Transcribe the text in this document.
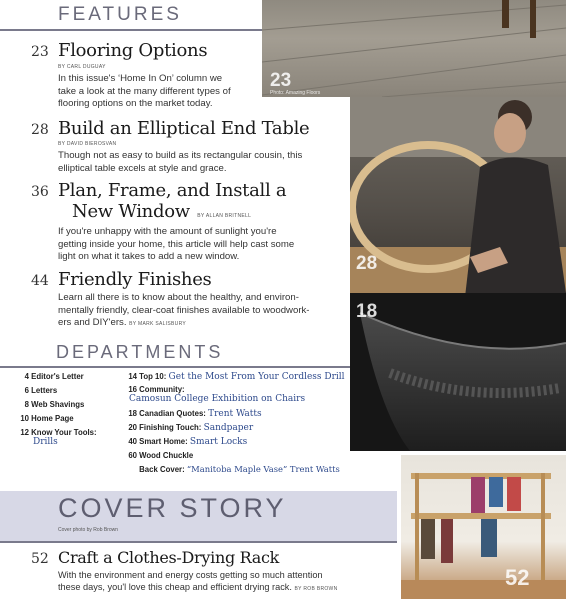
FEATURES
23 Flooring Options
BY CARL DUGUAY
In this issue's ‘Home In On’ column we
take a look at the many different types of
flooring options on the market today.
28 Build an Elliptical End Table
BY DAVID BIEROSVAN
Though not as easy to build as its rectangular cousin, this
elliptical table excels at style and grace.
36 Plan, Frame, and Install a
New Window BY ALLAN BRITNELL
If you're unhappy with the amount of sunlight you're
getting inside your home, this article will help cast some
light on what it takes to add a new window.
44 Friendly Finishes
Learn all there is to know about the healthy, and environ-
mentally friendly, clear-coat finishes available to woodwork-
ers and DIY'ers. BY MARK SALISBURY
23
Photo: Amazing Floors
28
18
52
DEPARTMENTS
4 Editor's Letter
6 Letters
8 Web Shavings
10 Home Page
12 Know Your Tools:
Drills
14 Top 10: Get the Most From Your Cordless Drill
16 Community:
Camosun College Exhibition on Chairs
18 Canadian Quotes: Trent Watts
20 Finishing Touch: Sandpaper
40 Smart Home: Smart Locks
60 Wood Chuckle
Back Cover: “Manitoba Maple Vase” Trent Watts
COVER STORY
Cover photo by Rob Brown
52 Craft a Clothes-Drying Rack
With the environment and energy costs getting so much attention
these days, you'l love this cheap and efficient drying rack. BY ROB BROWN
